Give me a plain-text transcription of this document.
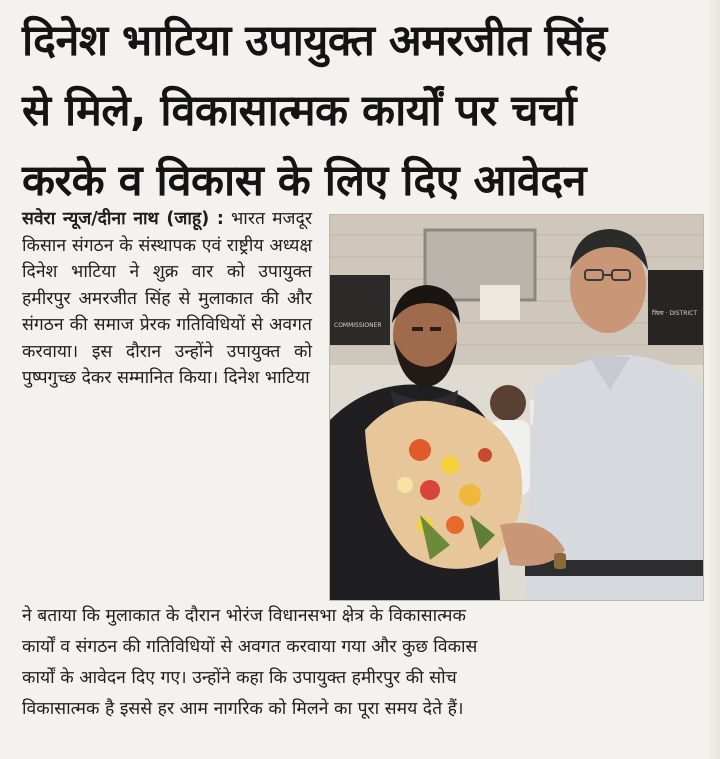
दिनेश भाटिया उपायुक्त अमरजीत सिंह
से मिले, विकासात्मक कार्यों पर चर्चा
करके व विकास के लिए दिए आवेदन

सवेरा न्यूज/दीना नाथ (जाहू) : भारत मजदूर किसान संगठन के संस्थापक एवं राष्ट्रीय अध्यक्ष दिनेश भाटिया ने शुक्र वार को उपायुक्त हमीरपुर अमरजीत सिंह से मुलाकात की और संगठन की समाज प्रेरक गतिविधियों से अवगत करवाया। इस दौरान उन्होंने उपायुक्त को पुष्पगुच्छ देकर सम्मानित किया। दिनेश भाटिया

COMMISSIONER
जिला · DISTRICT
ने बताया कि मुलाकात के दौरान भोरंज विधानसभा क्षेत्र के विकासात्मक
कार्यों व संगठन की गतिविधियों से अवगत करवाया गया और कुछ विकास
कार्यों के आवेदन दिए गए। उन्होंने कहा कि उपायुक्त हमीरपुर की सोच
विकासात्मक है इससे हर आम नागरिक को मिलने का पूरा समय देते हैं।
